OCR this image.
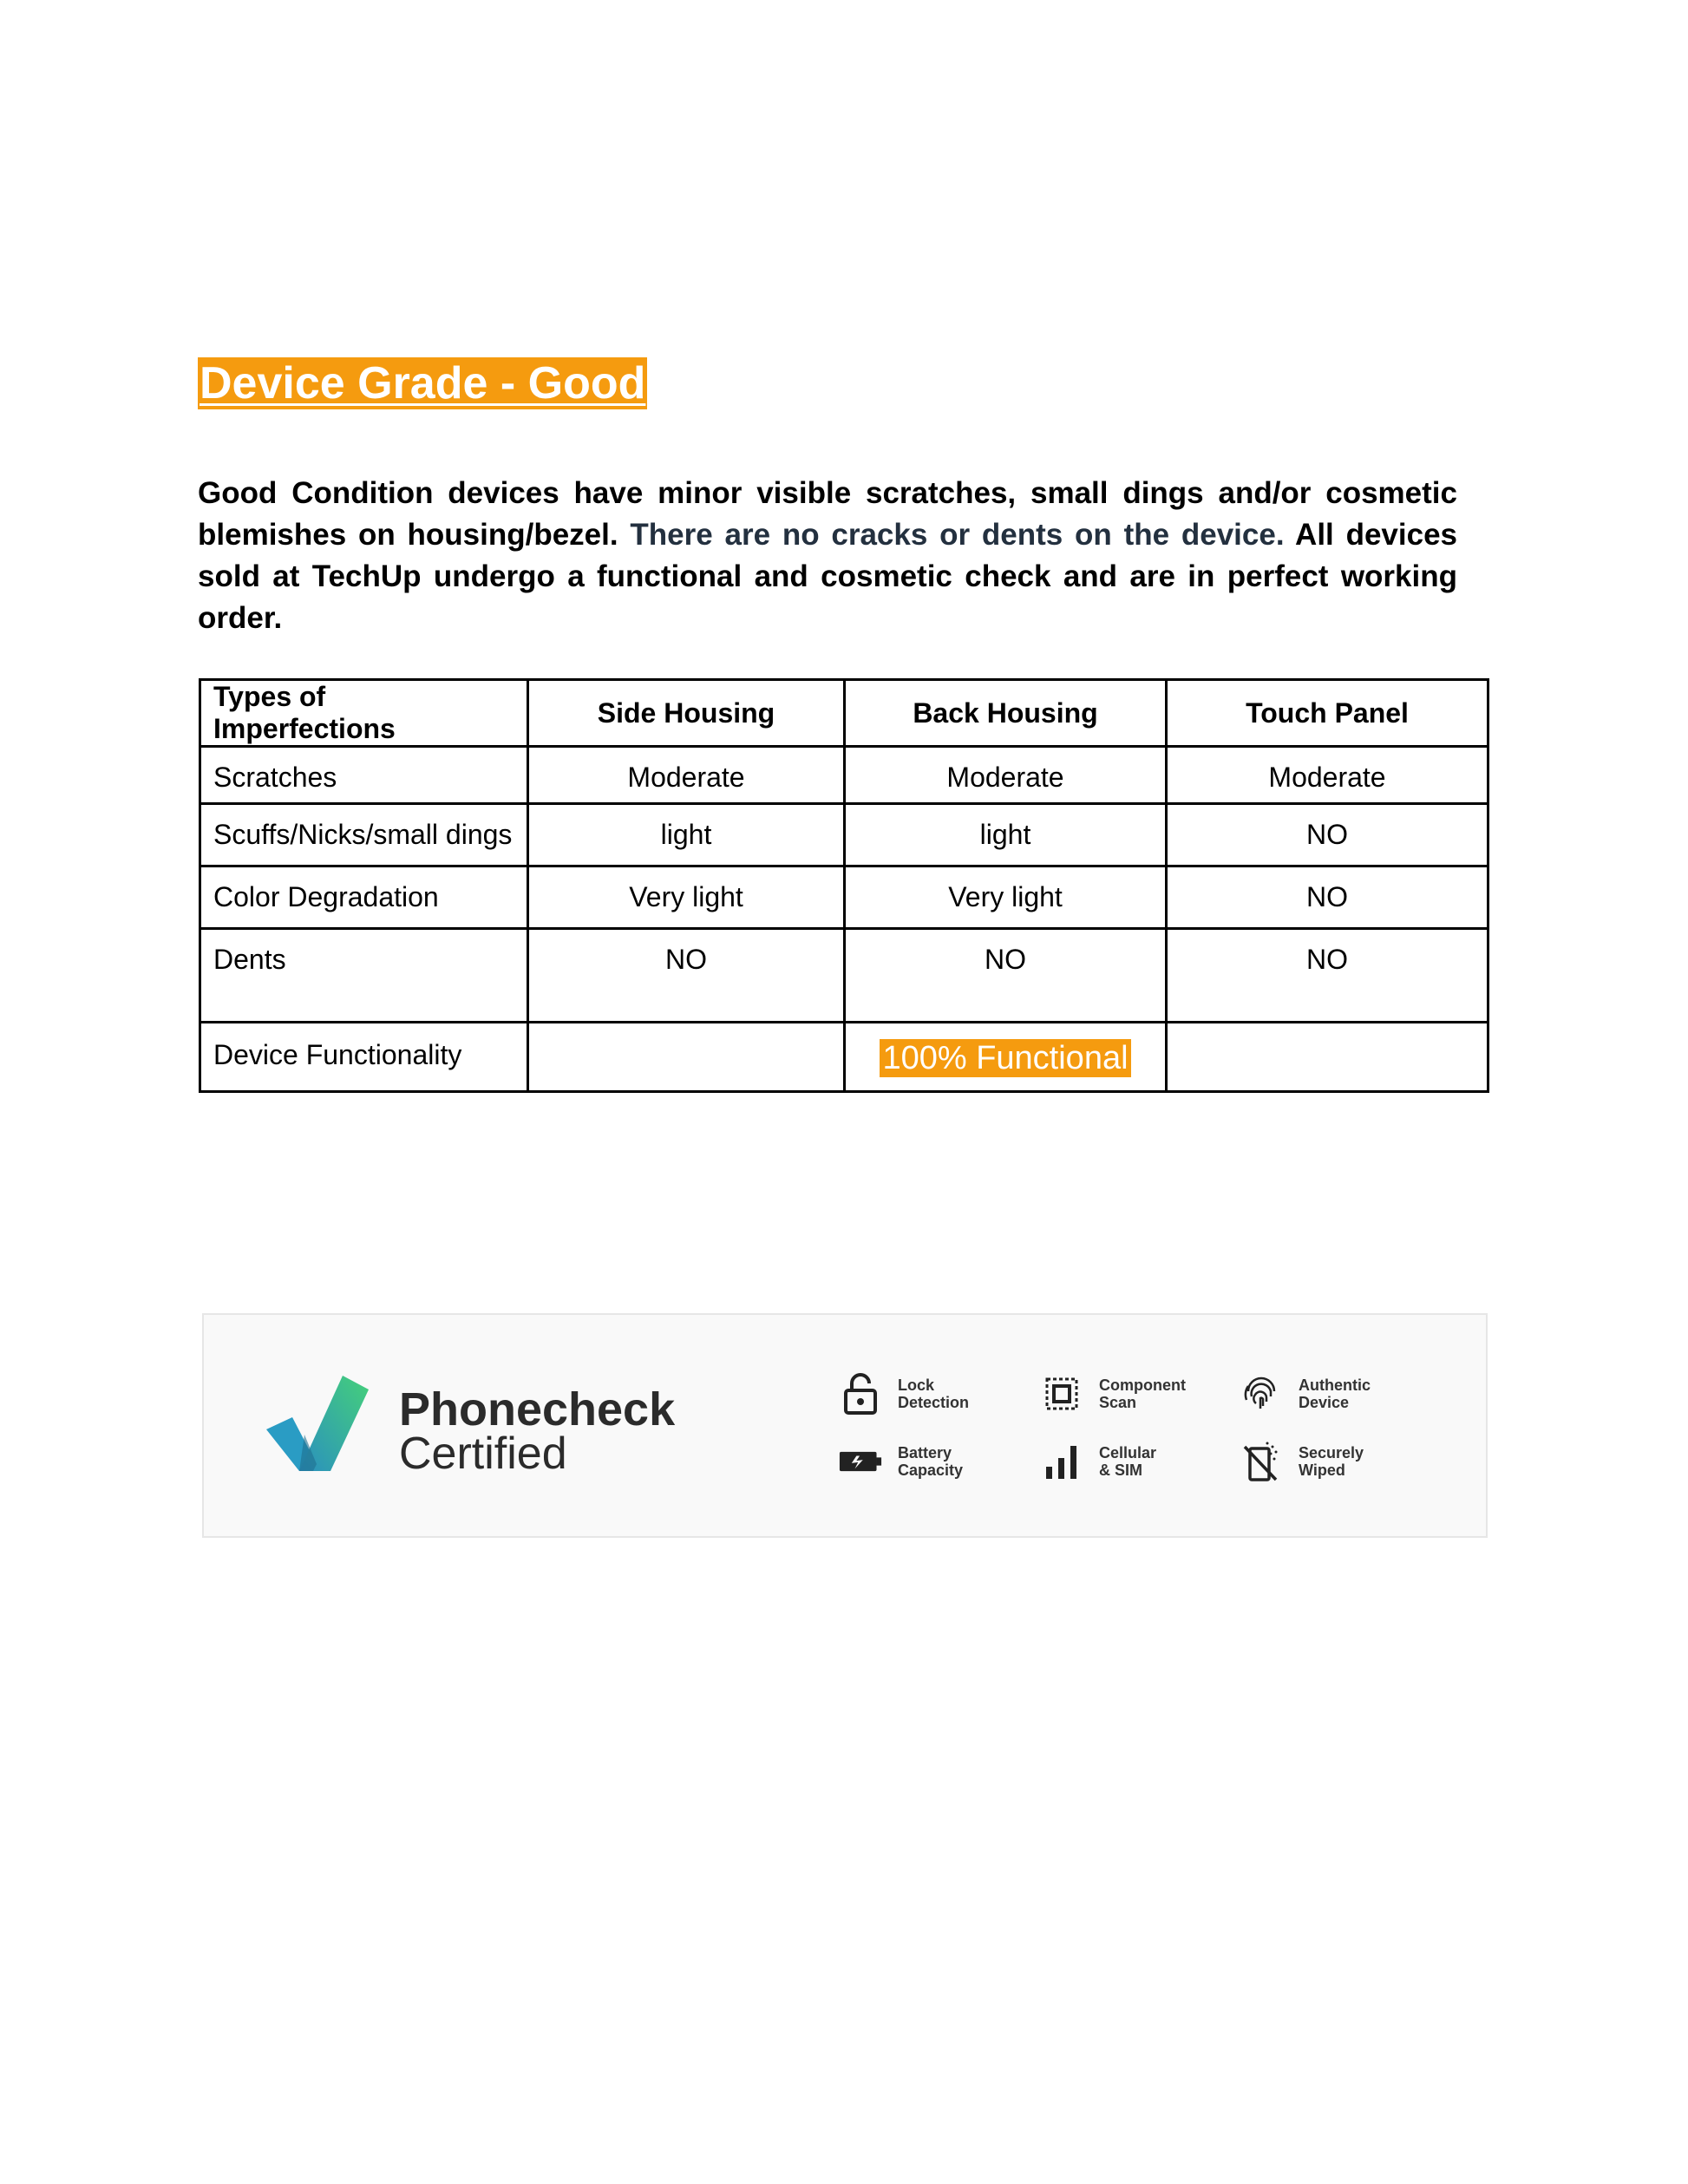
Device Grade - Good

Good Condition devices have minor visible scratches, small dings and/or cosmetic blemishes on housing/bezel. There are no cracks or dents on the device. All devices sold at TechUp undergo a functional and cosmetic check and are in perfect working order.

Types of Imperfections	Side Housing	Back Housing	Touch Panel
Scratches	Moderate	Moderate	Moderate
Scuffs/Nicks/small dings	light	light	NO
Color Degradation	Very light	Very light	NO
Dents	NO	NO	NO
Device Functionality		100% Functional	
Phonecheck
Certified
Lock
Detection
Component
Scan
Authentic
Device
Battery
Capacity
Cellular
& SIM
Securely
Wiped
